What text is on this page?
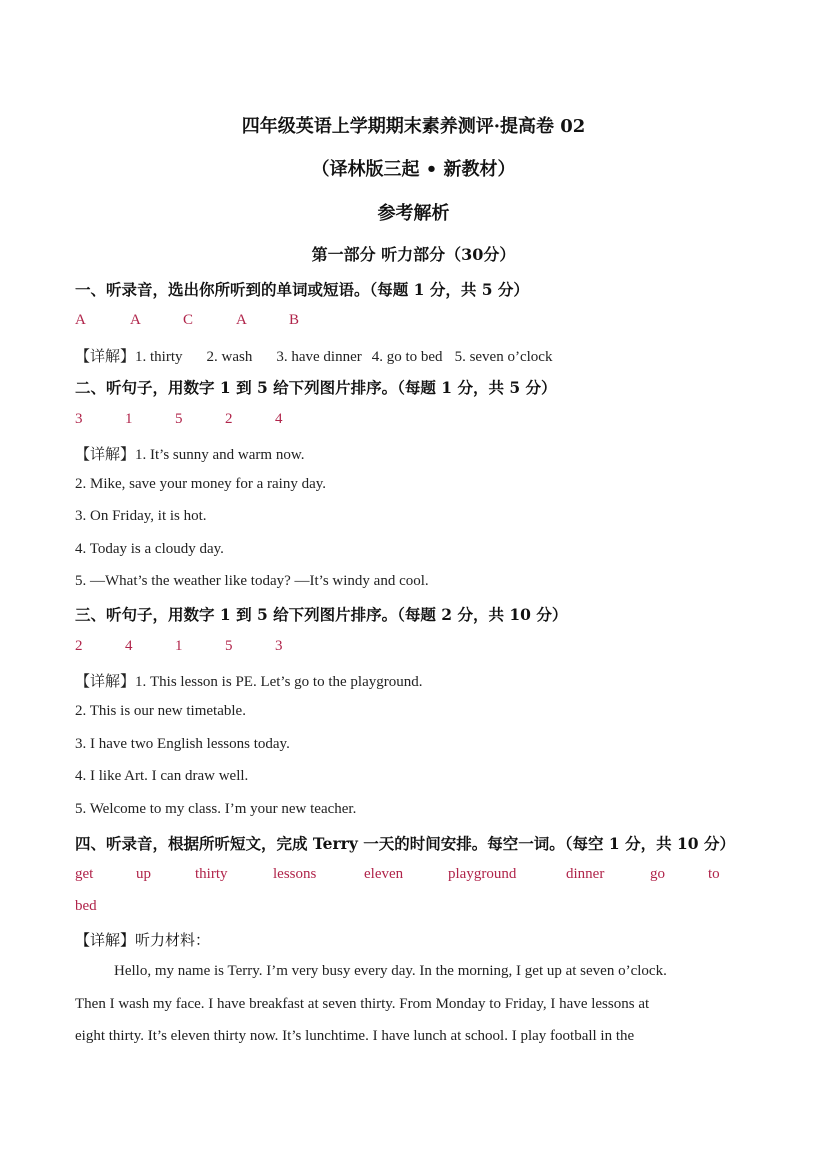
四年级英语上学期期末素养测评·提高卷 02
（译林版三起 • 新教材）
参考解析
第一部分 听力部分（30分）
一、听录音，选出你所听到的单词或短语。（每题 1 分，共 5 分）
A	A	C	A	B
【详解】1. thirty 2. wash 3. have dinner 4. go to bed 5. seven o’clock
二、听句子，用数字 1 到 5 给下列图片排序。（每题 1 分，共 5 分）
3	1	5	2	4
【详解】1. It’s sunny and warm now.
2. Mike, save your money for a rainy day.
3. On Friday, it is hot.
4. Today is a cloudy day.
5. —What’s the weather like today? —It’s windy and cool.
三、听句子，用数字 1 到 5 给下列图片排序。（每题 2 分，共 10 分）
2	4	1	5	3
【详解】1. This lesson is PE. Let’s go to the playground.
2. This is our new timetable.
3. I have two English lessons today.
4. I like Art. I can draw well.
5. Welcome to my class. I’m your new teacher.
四、听录音，根据所听短文，完成 Terry 一天的时间安排。每空一词。（每空 1 分，共 10 分）
get	up	thirty	lessons	eleven	playground	dinner	go	to
bed
【详解】听力材料：
Hello, my name is Terry. I’m very busy every day. In the morning, I get up at seven o’clock.
Then I wash my face. I have breakfast at seven thirty. From Monday to Friday, I have lessons at
eight thirty. It’s eleven thirty now. It’s lunchtime. I have lunch at school. I play football in the
